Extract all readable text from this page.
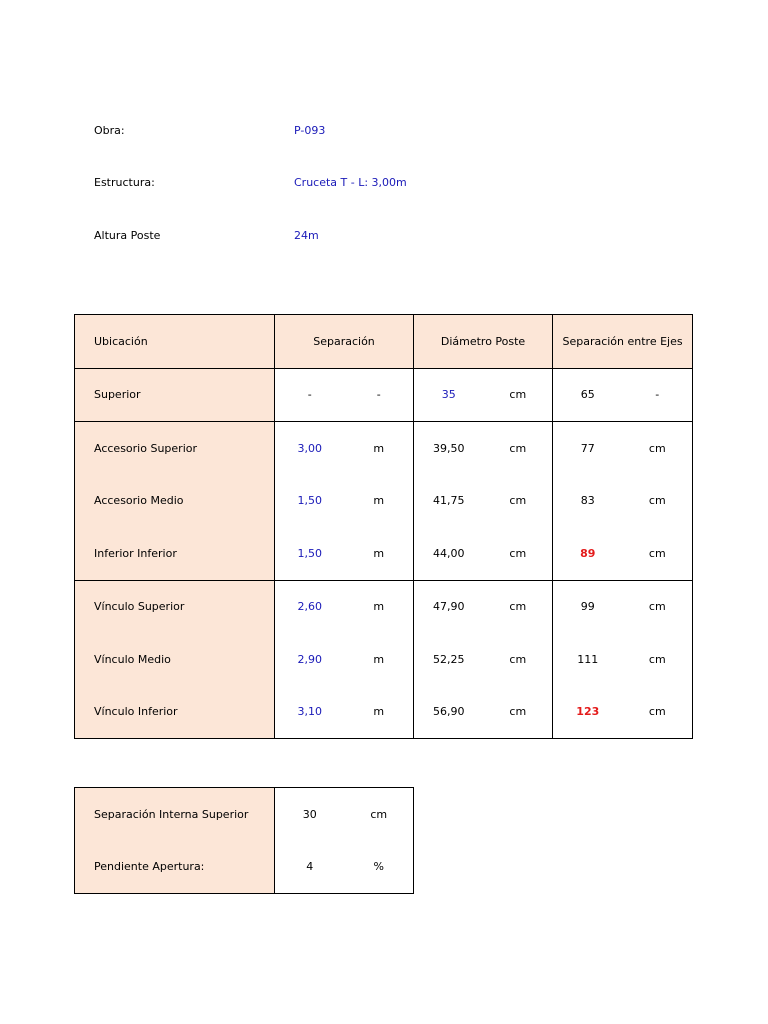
Obra:	P-093
Estructura:	Cruceta T - L: 3,00m
Altura Poste	24m
Ubicación	Separación		Diámetro Poste		Separación entre Ejes	
Superior	-	-	35	cm	65	-
Accesorio Superior	3,00	m	39,50	cm	77	cm
Accesorio Medio	1,50	m	41,75	cm	83	cm
Inferior Inferior	1,50	m	44,00	cm	89	cm
Vínculo Superior	2,60	m	47,90	cm	99	cm
Vínculo Medio	2,90	m	52,25	cm	111	cm
Vínculo Inferior	3,10	m	56,90	cm	123	cm
Separación Interna Superior	30	cm
Pendiente Apertura:	4	%
